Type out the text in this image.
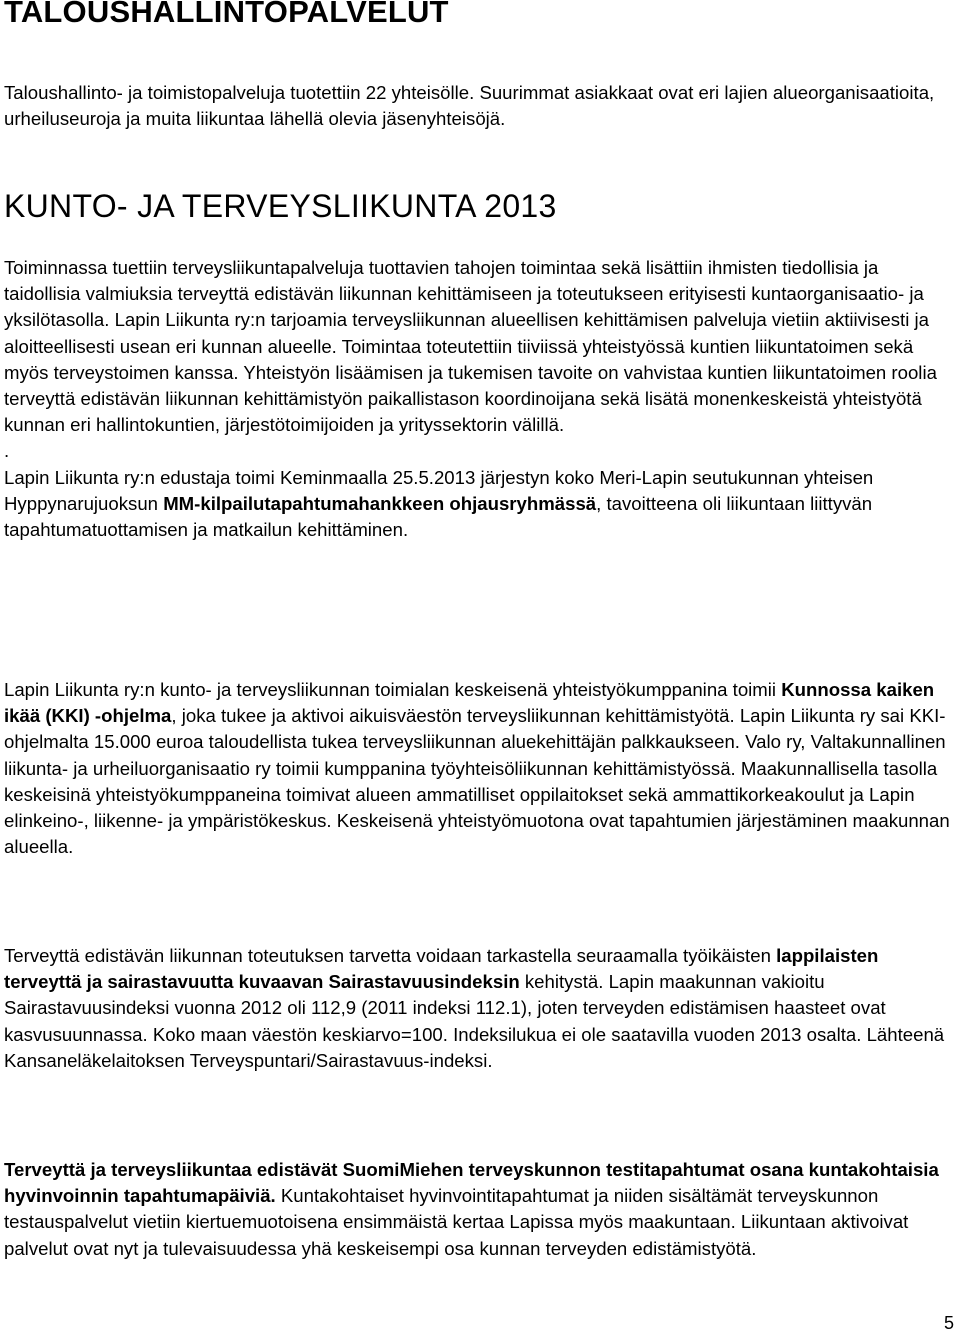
TALOUSHALLINTOPALVELUT

Taloushallinto- ja toimistopalveluja tuotettiin 22 yhteisölle. Suurimmat asiakkaat ovat eri lajien alueorganisaatioita, urheiluseuroja ja muita liikuntaa lähellä olevia jäsenyhteisöjä.

KUNTO- JA TERVEYSLIIKUNTA 2013

Toiminnassa tuettiin terveysliikuntapalveluja tuottavien tahojen toimintaa sekä lisättiin ihmisten tiedollisia ja taidollisia valmiuksia terveyttä edistävän liikunnan kehittämiseen ja toteutukseen erityisesti kuntaorganisaatio- ja yksilötasolla. Lapin Liikunta ry:n tarjoamia terveysliikunnan alueellisen kehittämisen palveluja vietiin aktiivisesti ja aloitteellisesti usean eri kunnan alueelle. Toimintaa toteutettiin tiiviissä yhteistyössä kuntien liikuntatoimen sekä myös terveystoimen kanssa. Yhteistyön lisäämisen ja tukemisen tavoite on vahvistaa kuntien liikuntatoimen roolia terveyttä edistävän liikunnan kehittämistyön paikallistason koordinoijana sekä lisätä monenkeskeistä yhteistyötä kunnan eri hallintokuntien, järjestötoimijoiden ja yrityssektorin välillä.

.

Lapin Liikunta ry:n edustaja toimi Keminmaalla 25.5.2013 järjestyn koko Meri-Lapin seutukunnan yhteisen Hyppynarujuoksun MM-kilpailutapahtumahankkeen ohjausryhmässä, tavoitteena oli liikuntaan liittyvän tapahtumatuottamisen ja matkailun kehittäminen.

Lapin Liikunta ry:n kunto- ja terveysliikunnan toimialan keskeisenä yhteistyökumppanina toimii Kunnossa kaiken ikää (KKI) -ohjelma, joka tukee ja aktivoi aikuisväestön terveysliikunnan kehittämistyötä. Lapin Liikunta ry sai KKI-ohjelmalta 15.000 euroa taloudellista tukea terveysliikunnan aluekehittäjän palkkaukseen. Valo ry, Valtakunnallinen liikunta- ja urheiluorganisaatio ry toimii kumppanina työyhteisöliikunnan kehittämistyössä. Maakunnallisella tasolla keskeisinä yhteistyökumppaneina toimivat alueen ammatilliset oppilaitokset sekä ammattikorkeakoulut ja Lapin elinkeino-, liikenne- ja ympäristökeskus. Keskeisenä yhteistyömuotona ovat tapahtumien järjestäminen maakunnan alueella.

Terveyttä edistävän liikunnan toteutuksen tarvetta voidaan tarkastella seuraamalla työikäisten lappilaisten terveyttä ja sairastavuutta kuvaavan Sairastavuusindeksin kehitystä. Lapin maakunnan vakioitu Sairastavuusindeksi vuonna 2012 oli 112,9 (2011 indeksi 112.1), joten terveyden edistämisen haasteet ovat kasvusuunnassa. Koko maan väestön keskiarvo=100. Indeksilukua ei ole saatavilla vuoden 2013 osalta. Lähteenä Kansaneläkelaitoksen Terveyspuntari/Sairastavuus-indeksi.

Terveyttä ja terveysliikuntaa edistävät SuomiMiehen terveyskunnon testitapahtumat osana kuntakohtaisia hyvinvoinnin tapahtumapäiviä. Kuntakohtaiset hyvinvointitapahtumat ja niiden sisältämät terveyskunnon testauspalvelut vietiin kiertuemuotoisena ensimmäistä kertaa Lapissa myös maakuntaan. Liikuntaan aktivoivat palvelut ovat nyt ja tulevaisuudessa yhä keskeisempi osa kunnan terveyden edistämistyötä.

5
